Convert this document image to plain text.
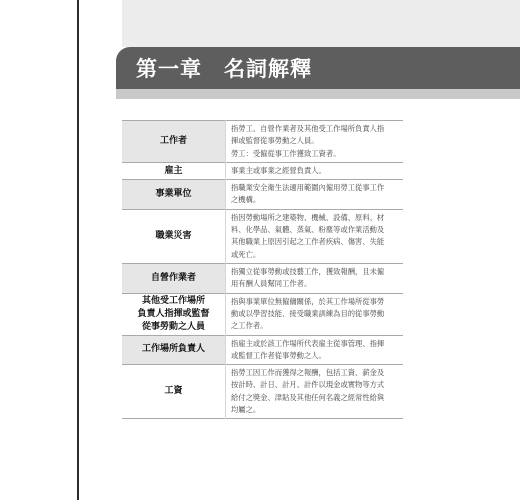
第一章　名詞解釋
工作者	指勞工、自營作業者及其他受工作場所負責人指
揮或監督從事勞動之人員。
勞工：受僱從事工作獲致工資者。

雇主	事業主或事業之經營負責人。

事業單位	指職業安全衛生法適用範圍內僱用勞工從事工作
之機構。

職業災害	指因勞動場所之建築物、機械、設備、原料、材
料、化學品、氣體、蒸氣、粉塵等或作業活動及
其他職業上原因引起之工作者疾病、傷害、失能
或死亡。

自營作業者	指獨立從事勞動或技藝工作，獲致報酬，且未僱
用有酬人員幫同工作者。

其他受工作場所
負責人指揮或監督
從事勞動之人員	指與事業單位無僱傭關係，於其工作場所從事勞
動或以學習技能、接受職業訓練為目的從事勞動
之工作者。

工作場所負責人	指雇主或於該工作場所代表雇主從事管理、指揮
或監督工作者從事勞動之人。

工資	指勞工因工作而獲得之報酬，包括工資、薪金及
按計時、計日、計月、計件以現金或實物等方式
給付之獎金、津貼及其他任何名義之經常性給與
均屬之。
